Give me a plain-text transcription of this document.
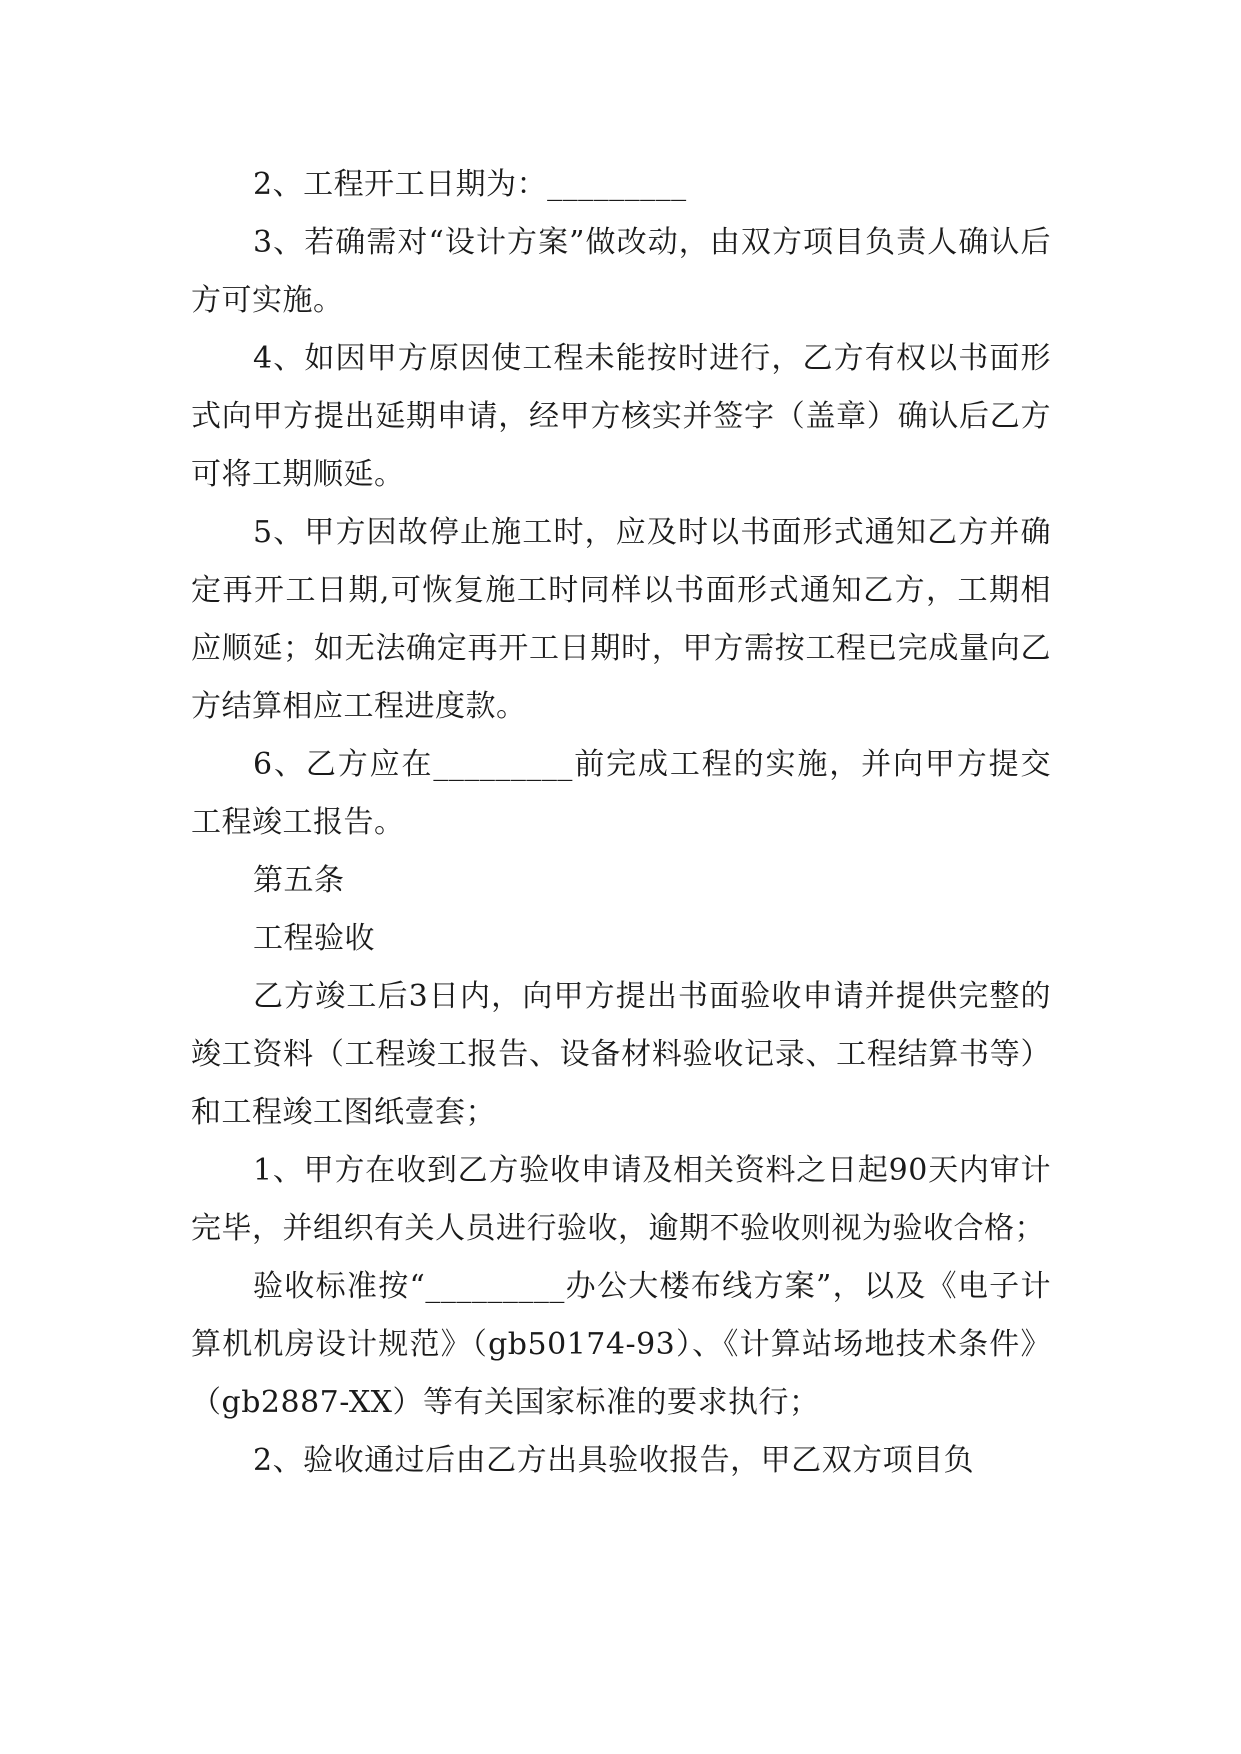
2、工程开工日期为：_________

3、若确需对“设计方案”做改动，由双方项目负责人确认后方可实施。

4、如因甲方原因使工程未能按时进行，乙方有权以书面形式向甲方提出延期申请，经甲方核实并签字（盖章）确认后乙方可将工期顺延。

5、甲方因故停止施工时，应及时以书面形式通知乙方并确定再开工日期,可恢复施工时同样以书面形式通知乙方，工期相应顺延；如无法确定再开工日期时，甲方需按工程已完成量向乙方结算相应工程进度款。

6、乙方应在_________前完成工程的实施，并向甲方提交工程竣工报告。

第五条

工程验收

乙方竣工后3日内，向甲方提出书面验收申请并提供完整的竣工资料（工程竣工报告、设备材料验收记录、工程结算书等）和工程竣工图纸壹套；

1、甲方在收到乙方验收申请及相关资料之日起90天内审计完毕，并组织有关人员进行验收，逾期不验收则视为验收合格；

验收标准按“_________办公大楼布线方案”，以及《电子计算机机房设计规范》（gb50174-93）、《计算站场地技术条件》（gb2887-XX）等有关国家标准的要求执行；

2、验收通过后由乙方出具验收报告，甲乙双方项目负
